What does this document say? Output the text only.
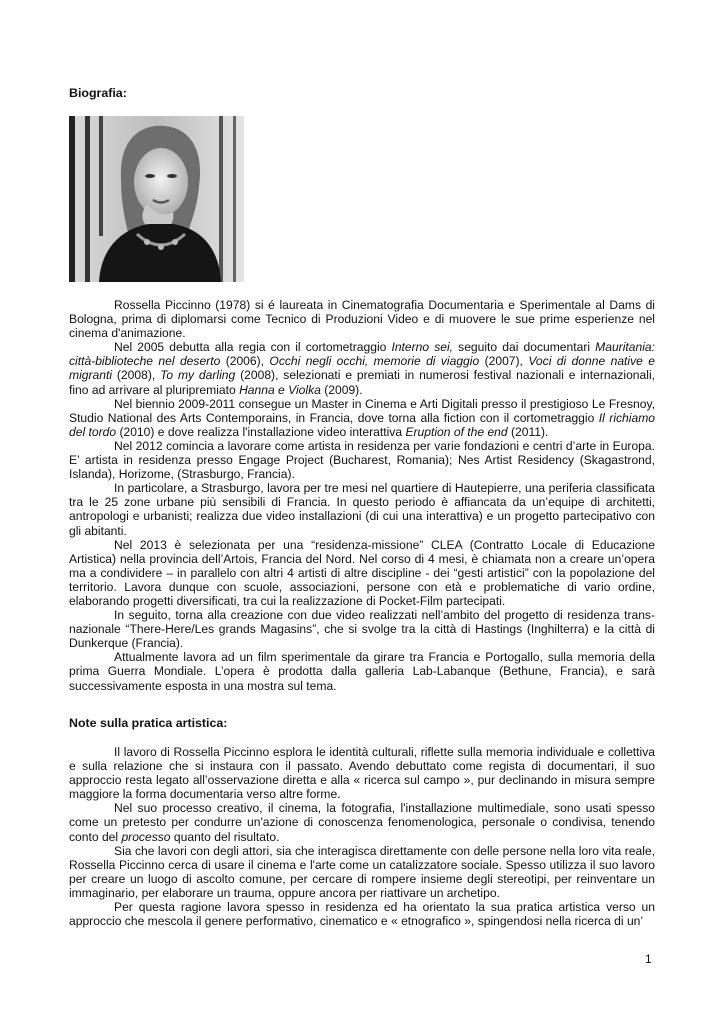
Biografia:

Rossella Piccinno (1978) si é laureata in Cinematografia Documentaria e Sperimentale al Dams di Bologna, prima di diplomarsi come Tecnico di Produzioni Video e di muovere le sue prime esperienze nel cinema d'animazione.

Nel 2005 debutta alla regia con il cortometraggio Interno sei, seguito dai documentari Mauritania: città-biblioteche nel deserto (2006), Occhi negli occhi, memorie di viaggio (2007), Voci di donne native e migranti (2008), To my darling (2008), selezionati e premiati in numerosi festival nazionali e internazionali, fino ad arrivare al pluripremiato Hanna e Violka (2009).

Nel biennio 2009-2011 consegue un Master in Cinema e Arti Digitali presso il prestigioso Le Fresnoy, Studio National des Arts Contemporains, in Francia, dove torna alla fiction con il cortometraggio Il richiamo del tordo (2010) e dove realizza l'installazione video interattiva Eruption of the end (2011).

Nel 2012 comincia a lavorare come artista in residenza per varie fondazioni e centri d’arte in Europa. E’ artista in residenza presso Engage Project (Bucharest, Romania); Nes Artist Residency (Skagastrond, Islanda), Horizome, (Strasburgo, Francia).

In particolare, a Strasburgo, lavora per tre mesi nel quartiere di Hautepierre, una periferia classificata tra le 25 zone urbane più sensibili di Francia. In questo periodo è affiancata da un’equipe di architetti, antropologi e urbanisti; realizza due video installazioni (di cui una interattiva) e un progetto partecipativo con gli abitanti.

Nel 2013 è selezionata per una “residenza-missione” CLEA (Contratto Locale di Educazione Artistica) nella provincia dell’Artois, Francia del Nord. Nel corso di 4 mesi, è chiamata non a creare un’opera ma a condividere – in parallelo con altri 4 artisti di altre discipline - dei “gesti artistici” con la popolazione del territorio. Lavora dunque con scuole, associazioni, persone con età e problematiche di vario ordine, elaborando progetti diversificati, tra cui la realizzazione di Pocket-Film partecipati.

In seguito, torna alla creazione con due video realizzati nell’ambito del progetto di residenza trans-nazionale “There-Here/Les grands Magasins”, che si svolge tra la città di Hastings (Inghilterra) e la città di Dunkerque (Francia).

Attualmente lavora ad un film sperimentale da girare tra Francia e Portogallo, sulla memoria della prima Guerra Mondiale. L’opera è prodotta dalla galleria Lab-Labanque (Bethune, Francia), e sarà successivamente esposta in una mostra sul tema.

Note sulla pratica artistica:

Il lavoro di Rossella Piccinno esplora le identità culturali, riflette sulla memoria individuale e collettiva e sulla relazione che si instaura con il passato. Avendo debuttato come regista di documentari, il suo approccio resta legato all’osservazione diretta e alla « ricerca sul campo », pur declinando in misura sempre maggiore la forma documentaria verso altre forme.

Nel suo processo creativo, il cinema, la fotografia, l'installazione multimediale, sono usati spesso come un pretesto per condurre un'azione di conoscenza fenomenologica, personale o condivisa, tenendo conto del processo quanto del risultato.

Sia che lavori con degli attori, sia che interagisca direttamente con delle persone nella loro vita reale, Rossella Piccinno cerca di usare il cinema e l'arte come un catalizzatore sociale. Spesso utilizza il suo lavoro per creare un luogo di ascolto comune, per cercare di rompere insieme degli stereotipi, per reinventare un immaginario, per elaborare un trauma, oppure ancora per riattivare un archetipo.

Per questa ragione lavora spesso in residenza ed ha orientato la sua pratica artistica verso un approccio che mescola il genere performativo, cinematico e « etnografico », spingendosi nella ricerca di un’

1
